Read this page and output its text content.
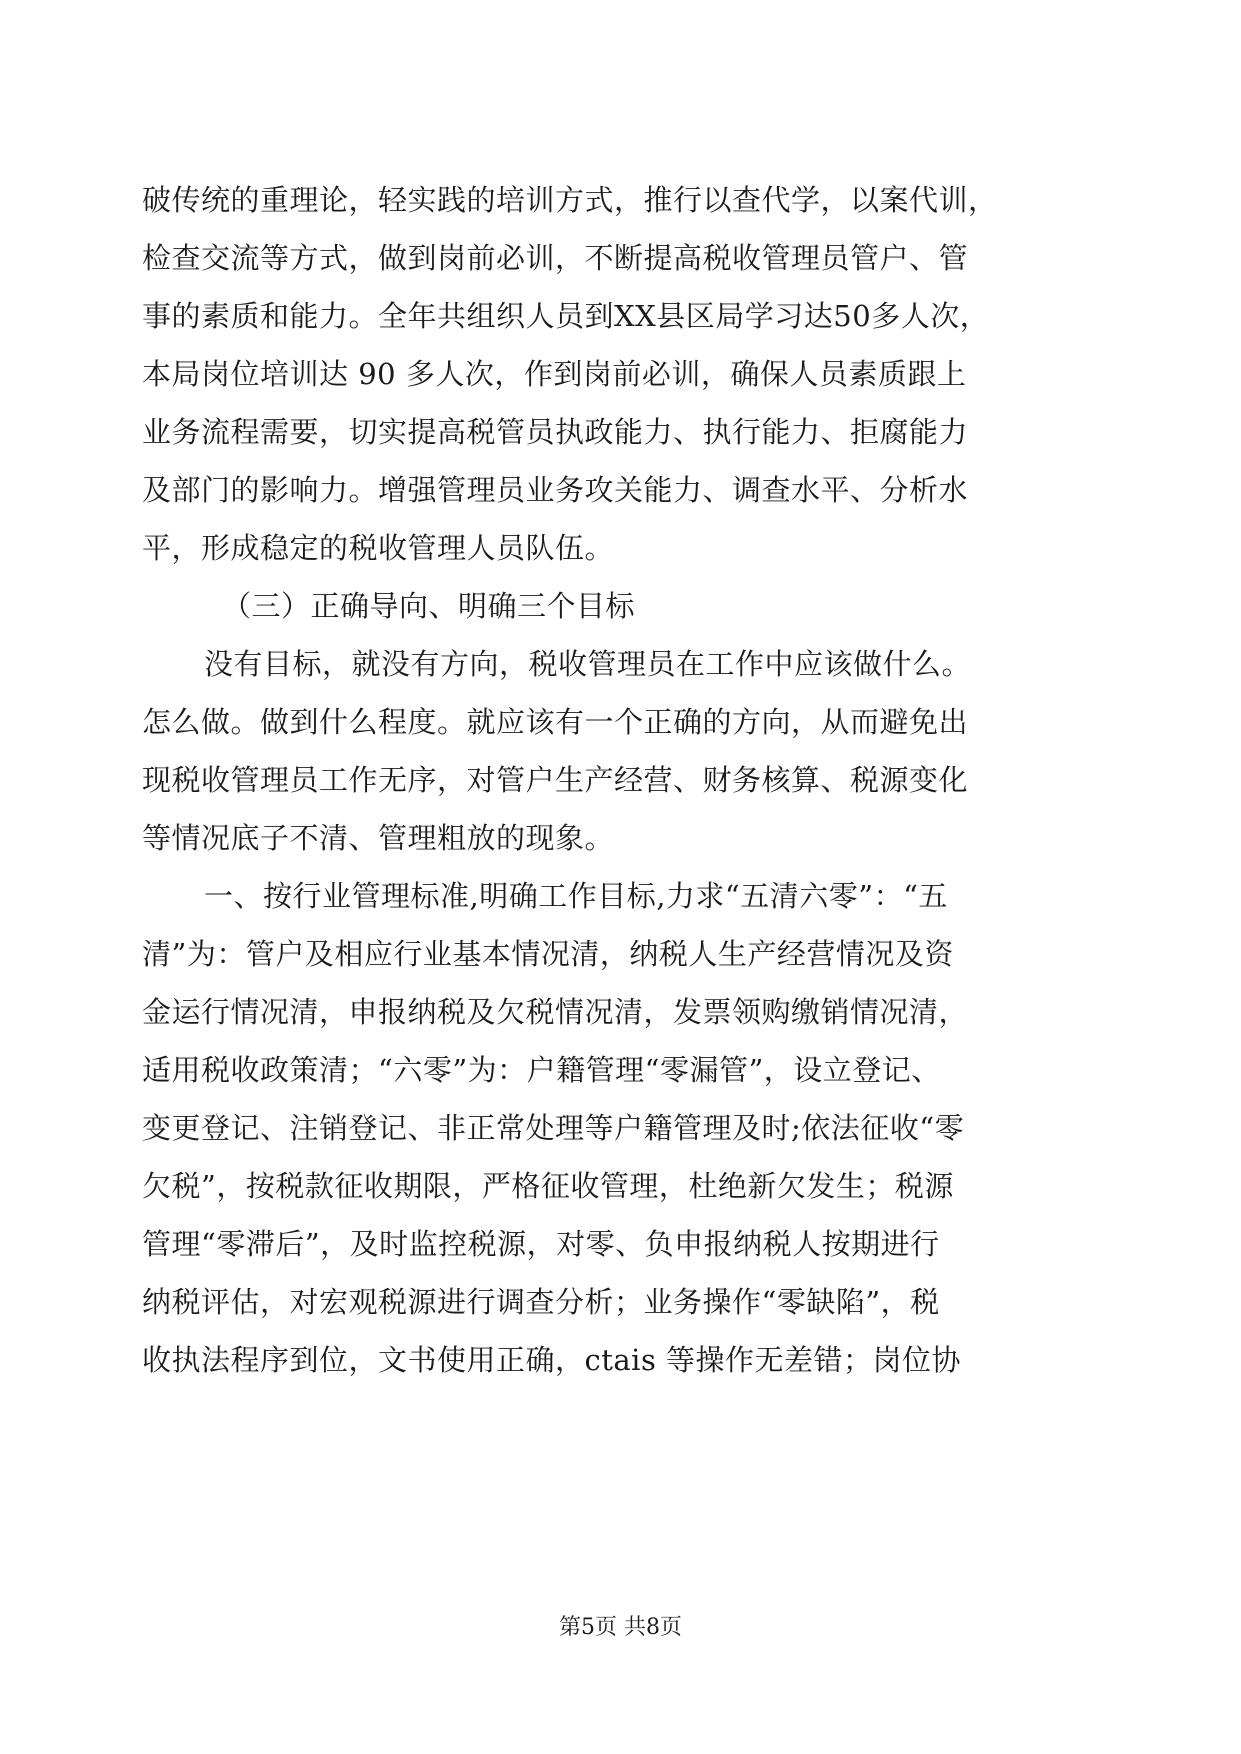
破传统的重理论，轻实践的培训方式，推行以查代学，以案代训，
检查交流等方式，做到岗前必训，不断提高税收管理员管户、管
事的素质和能力。全年共组织人员到XX县区局学习达50多人次，
本局岗位培训达 90 多人次，作到岗前必训，确保人员素质跟上
业务流程需要，切实提高税管员执政能力、执行能力、拒腐能力
及部门的影响力。增强管理员业务攻关能力、调查水平、分析水
平，形成稳定的税收管理人员队伍。
（三）正确导向、明确三个目标
没有目标，就没有方向，税收管理员在工作中应该做什么。
怎么做。做到什么程度。就应该有一个正确的方向，从而避免出
现税收管理员工作无序，对管户生产经营、财务核算、税源变化
等情况底子不清、管理粗放的现象。
一、按行业管理标准,明确工作目标,力求“五清六零”：“五
清”为：管户及相应行业基本情况清，纳税人生产经营情况及资
金运行情况清，申报纳税及欠税情况清，发票领购缴销情况清，
适用税收政策清；“六零”为：户籍管理“零漏管”，设立登记、
变更登记、注销登记、非正常处理等户籍管理及时;依法征收“零
欠税”，按税款征收期限，严格征收管理，杜绝新欠发生；税源
管理“零滞后”，及时监控税源，对零、负申报纳税人按期进行
纳税评估，对宏观税源进行调查分析；业务操作“零缺陷”，税
收执法程序到位，文书使用正确，ctais 等操作无差错；岗位协
第5页 共8页
